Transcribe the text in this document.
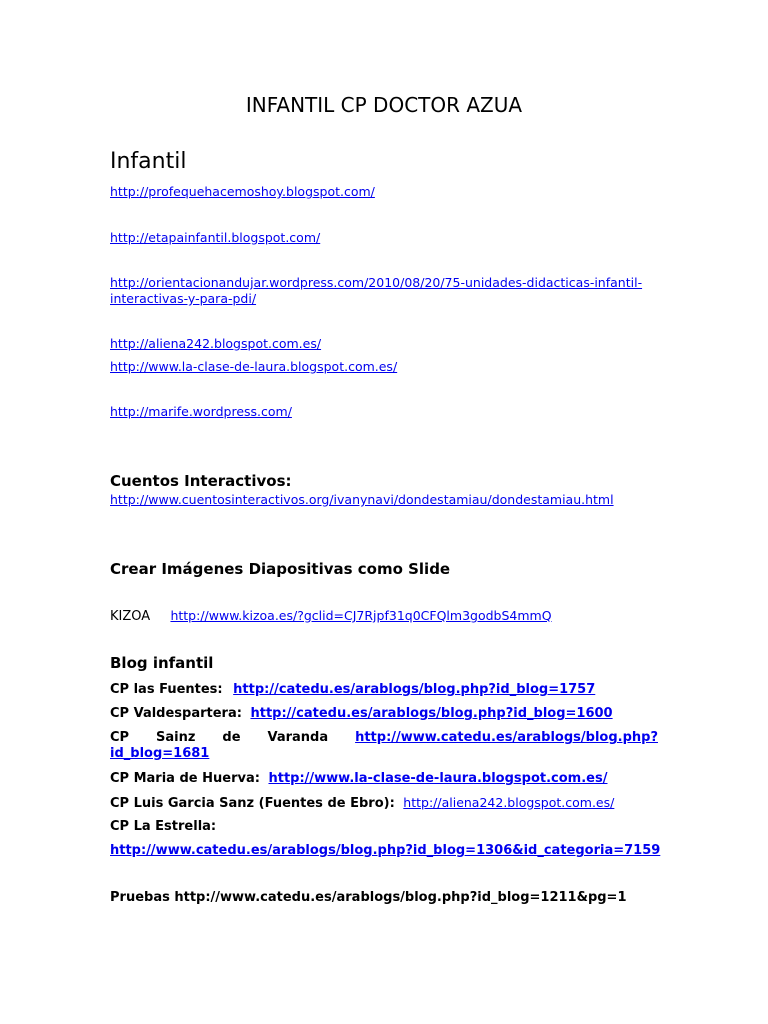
INFANTIL CP DOCTOR AZUA
Infantil
http://profequehacemoshoy.blogspot.com/
http://etapainfantil.blogspot.com/
http://orientacionandujar.wordpress.com/2010/08/20/75-unidades-didacticas-infantil-interactivas-y-para-pdi/
http://aliena242.blogspot.com.es/
http://www.la-clase-de-laura.blogspot.com.es/
http://marife.wordpress.com/
Cuentos Interactivos:
http://www.cuentosinteractivos.org/ivanynavi/dondestamiau/dondestamiau.html
Crear Imágenes Diapositivas como Slide
KIZOA http://www.kizoa.es/?gclid=CJ7Rjpf31q0CFQlm3godbS4mmQ
Blog infantil
CP las Fuentes: http://catedu.es/arablogs/blog.php?id_blog=1757
CP Valdespartera: http://catedu.es/arablogs/blog.php?id_blog=1600
CP Sainz de Varanda http://www.catedu.es/arablogs/blog.php?
id_blog=1681
CP Maria de Huerva: http://www.la-clase-de-laura.blogspot.com.es/
CP Luis Garcia Sanz (Fuentes de Ebro): http://aliena242.blogspot.com.es/
CP La Estrella:
http://www.catedu.es/arablogs/blog.php?id_blog=1306&id_categoria=7159
Pruebas http://www.catedu.es/arablogs/blog.php?id_blog=1211&pg=1
